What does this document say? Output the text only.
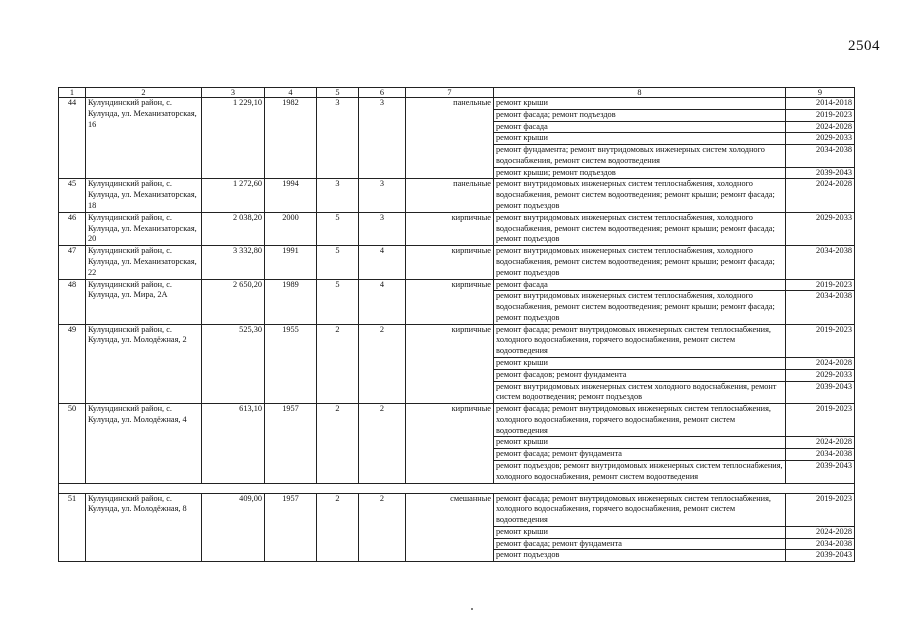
2504
1	2	3	4	5	6	7	8	9
44	Кулундинский район, с. Кулунда, ул. Механизаторская, 16	1 229,10	1982	3	3	панельные	ремонт крыши	2014-2018
							ремонт фасада; ремонт подъездов	2019-2023
							ремонт фасада	2024-2028
							ремонт крыши	2029-2033
							ремонт фундамента; ремонт внутридомовых инженерных систем холодного водоснабжения, ремонт систем водоотведения	2034-2038
							ремонт крыши; ремонт подъездов	2039-2043
45	Кулундинский район, с. Кулунда, ул. Механизаторская, 18	1 272,60	1994	3	3	панельные	ремонт внутридомовых инженерных систем теплоснабжения, холодного водоснабжения, ремонт систем водоотведения; ремонт крыши; ремонт фасада; ремонт подъездов	2024-2028
46	Кулундинский район, с. Кулунда, ул. Механизаторская, 20	2 038,20	2000	5	3	кирпичные	ремонт внутридомовых инженерных систем теплоснабжения, холодного водоснабжения, ремонт систем водоотведения; ремонт крыши; ремонт фасада; ремонт подъездов	2029-2033
47	Кулундинский район, с. Кулунда, ул. Механизаторская, 22	3 332,80	1991	5	4	кирпичные	ремонт внутридомовых инженерных систем теплоснабжения, холодного водоснабжения, ремонт систем водоотведения; ремонт крыши; ремонт фасада; ремонт подъездов	2034-2038
48	Кулундинский район, с. Кулунда, ул. Мира, 2А	2 650,20	1989	5	4	кирпичные	ремонт фасада	2019-2023
							ремонт внутридомовых инженерных систем теплоснабжения, холодного водоснабжения, ремонт систем водоотведения; ремонт крыши; ремонт фасада; ремонт подъездов	2034-2038
49	Кулундинский район, с. Кулунда, ул. Молодёжная, 2	525,30	1955	2	2	кирпичные	ремонт фасада; ремонт внутридомовых инженерных систем теплоснабжения, холодного водоснабжения, горячего водоснабжения, ремонт систем водоотведения	2019-2023
							ремонт крыши	2024-2028
							ремонт фасадов; ремонт фундамента	2029-2033
							ремонт внутридомовых инженерных систем холодного водоснабжения, ремонт систем водоотведения; ремонт подъездов	2039-2043
50	Кулундинский район, с. Кулунда, ул. Молодёжная, 4	613,10	1957	2	2	кирпичные	ремонт фасада; ремонт внутридомовых инженерных систем теплоснабжения, холодного водоснабжения, горячего водоснабжения, ремонт систем водоотведения	2019-2023
							ремонт крыши	2024-2028
							ремонт фасада; ремонт фундамента	2034-2038
							ремонт подъездов; ремонт внутридомовых инженерных систем теплоснабжения, холодного водоснабжения, ремонт систем водоотведения	2039-2043

51	Кулундинский район, с. Кулунда, ул. Молодёжная, 8	409,00	1957	2	2	смешанные	ремонт фасада; ремонт внутридомовых инженерных систем теплоснабжения, холодного водоснабжения, горячего водоснабжения, ремонт систем водоотведения	2019-2023
							ремонт крыши	2024-2028
							ремонт фасада; ремонт фундамента	2034-2038
							ремонт подъездов	2039-2043
